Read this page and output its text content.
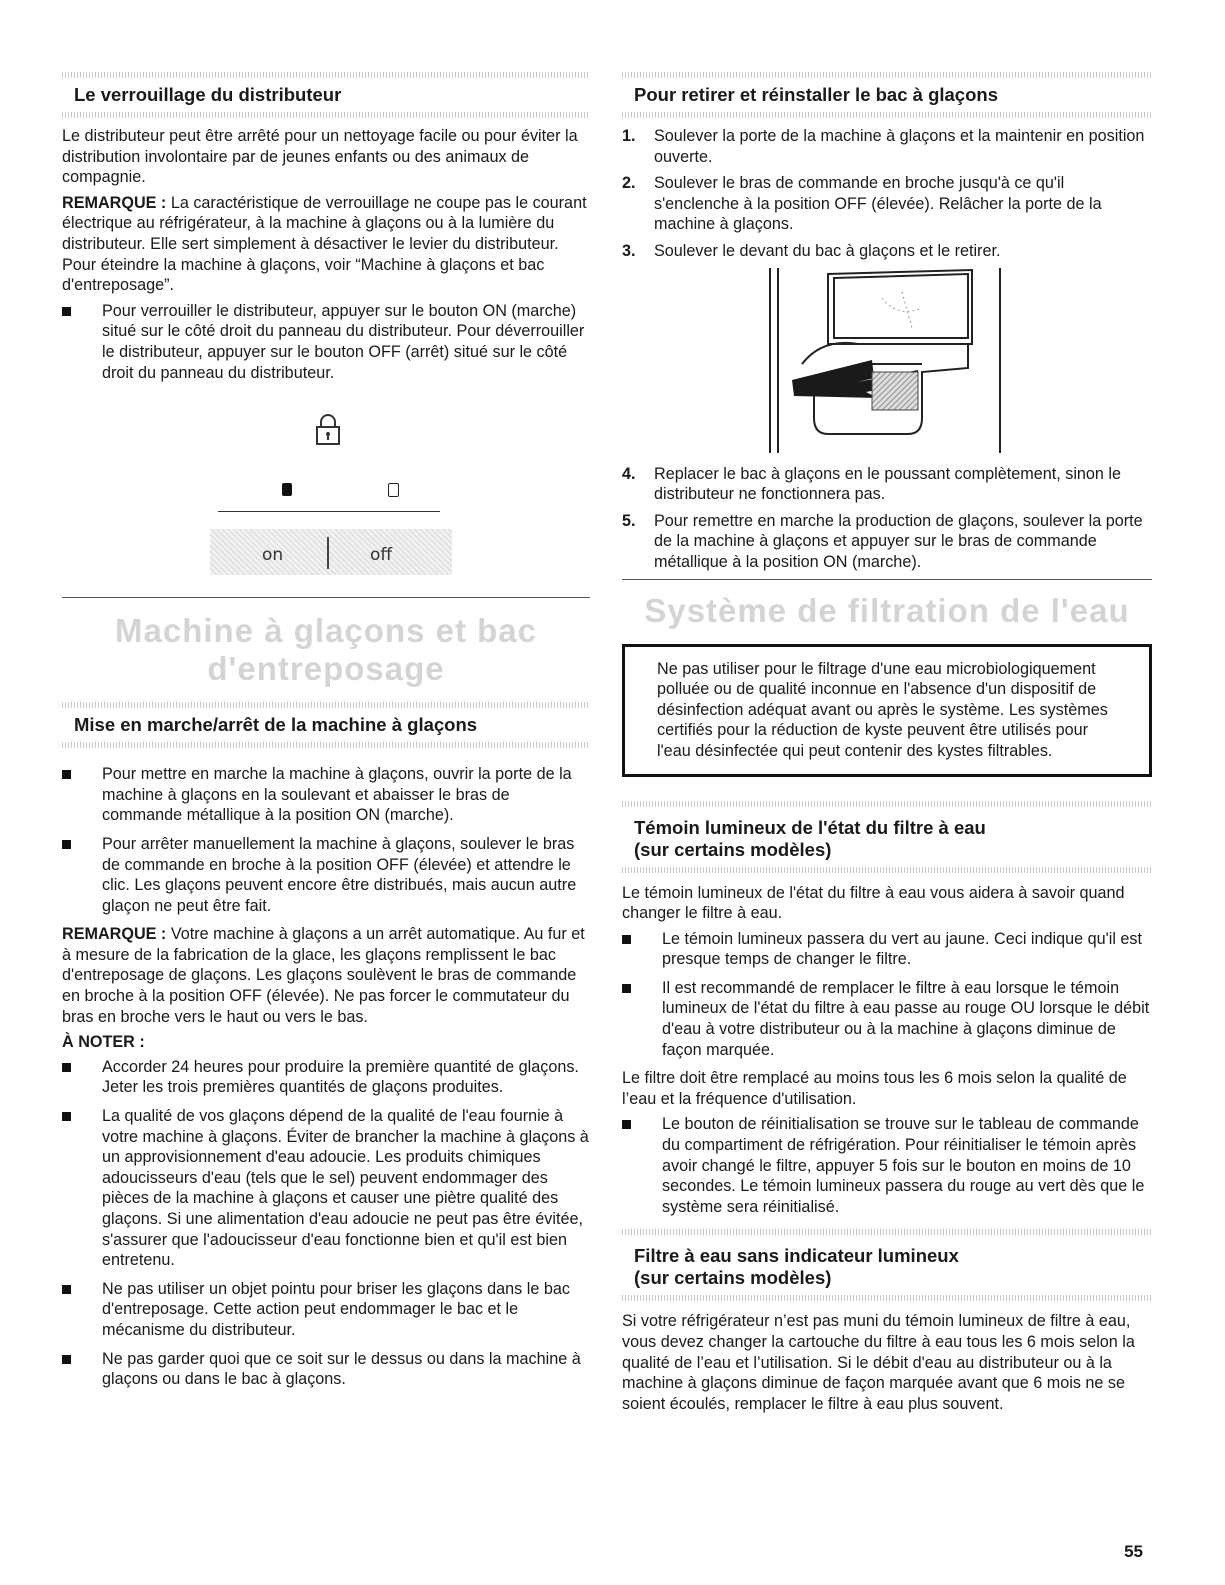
Le verrouillage du distributeur

Le distributeur peut être arrêté pour un nettoyage facile ou pour éviter la distribution involontaire par de jeunes enfants ou des animaux de compagnie.

REMARQUE : La caractéristique de verrouillage ne coupe pas le courant électrique au réfrigérateur, à la machine à glaçons ou à la lumière du distributeur. Elle sert simplement à désactiver le levier du distributeur. Pour éteindre la machine à glaçons, voir “Machine à glaçons et bac d'entreposage”.

Pour verrouiller le distributeur, appuyer sur le bouton ON (marche) situé sur le côté droit du panneau du distributeur. Pour déverrouiller le distributeur, appuyer sur le bouton OFF (arrêt) situé sur le côté droit du panneau du distributeur.
on	off
Machine à glaçons et bac
d'entreposage
Mise en marche/arrêt de la machine à glaçons
Pour mettre en marche la machine à glaçons, ouvrir la porte de la machine à glaçons en la soulevant et abaisser le bras de commande métallique à la position ON (marche).
Pour arrêter manuellement la machine à glaçons, soulever le bras de commande en broche à la position OFF (élevée) et attendre le clic. Les glaçons peuvent encore être distribués, mais aucun autre glaçon ne peut être fait.

REMARQUE : Votre machine à glaçons a un arrêt automatique. Au fur et à mesure de la fabrication de la glace, les glaçons remplissent le bac d'entreposage de glaçons. Les glaçons soulèvent le bras de commande en broche à la position OFF (élevée). Ne pas forcer le commutateur du bras en broche vers le haut ou vers le bas.

À NOTER :

Accorder 24 heures pour produire la première quantité de glaçons. Jeter les trois premières quantités de glaçons produites.
La qualité de vos glaçons dépend de la qualité de l'eau fournie à votre machine à glaçons. Éviter de brancher la machine à glaçons à un approvisionnement d'eau adoucie. Les produits chimiques adoucisseurs d'eau (tels que le sel) peuvent endommager des pièces de la machine à glaçons et causer une piètre qualité des glaçons. Si une alimentation d'eau adoucie ne peut pas être évitée, s'assurer que l'adoucisseur d'eau fonctionne bien et qu'il est bien entretenu.
Ne pas utiliser un objet pointu pour briser les glaçons dans le bac d'entreposage. Cette action peut endommager le bac et le mécanisme du distributeur.
Ne pas garder quoi que ce soit sur le dessus ou dans la machine à glaçons ou dans le bac à glaçons.
Pour retirer et réinstaller le bac à glaçons
1. Soulever la porte de la machine à glaçons et la maintenir en position ouverte.
2. Soulever le bras de commande en broche jusqu'à ce qu'il s'enclenche à la position OFF (élevée). Relâcher la porte de la machine à glaçons.
3. Soulever le devant du bac à glaçons et le retirer.
4. Replacer le bac à glaçons en le poussant complètement, sinon le distributeur ne fonctionnera pas.
5. Pour remettre en marche la production de glaçons, soulever la porte de la machine à glaçons et appuyer sur le bras de commande métallique à la position ON (marche).
Système de filtration de l'eau

Ne pas utiliser pour le filtrage d'une eau microbiologiquement polluée ou de qualité inconnue en l'absence d'un dispositif de désinfection adéquat avant ou après le système. Les systèmes certifiés pour la réduction de kyste peuvent être utilisés pour l'eau désinfectée qui peut contenir des kystes filtrables.

Témoin lumineux de l'état du filtre à eau
(sur certains modèles)

Le témoin lumineux de l'état du filtre à eau vous aidera à savoir quand changer le filtre à eau.

Le témoin lumineux passera du vert au jaune. Ceci indique qu'il est presque temps de changer le filtre.
Il est recommandé de remplacer le filtre à eau lorsque le témoin lumineux de l'état du filtre à eau passe au rouge OU lorsque le débit d'eau à votre distributeur ou à la machine à glaçons diminue de façon marquée.

Le filtre doit être remplacé au moins tous les 6 mois selon la qualité de l’eau et la fréquence d'utilisation.

Le bouton de réinitialisation se trouve sur le tableau de commande du compartiment de réfrigération. Pour réinitialiser le témoin après avoir changé le filtre, appuyer 5 fois sur le bouton en moins de 10 secondes. Le témoin lumineux passera du rouge au vert dès que le système sera réinitialisé.
Filtre à eau sans indicateur lumineux
(sur certains modèles)

Si votre réfrigérateur n’est pas muni du témoin lumineux de filtre à eau, vous devez changer la cartouche du filtre à eau tous les 6 mois selon la qualité de l’eau et l’utilisation. Si le débit d'eau au distributeur ou à la machine à glaçons diminue de façon marquée avant que 6 mois ne se soient écoulés, remplacer le filtre à eau plus souvent.

55
